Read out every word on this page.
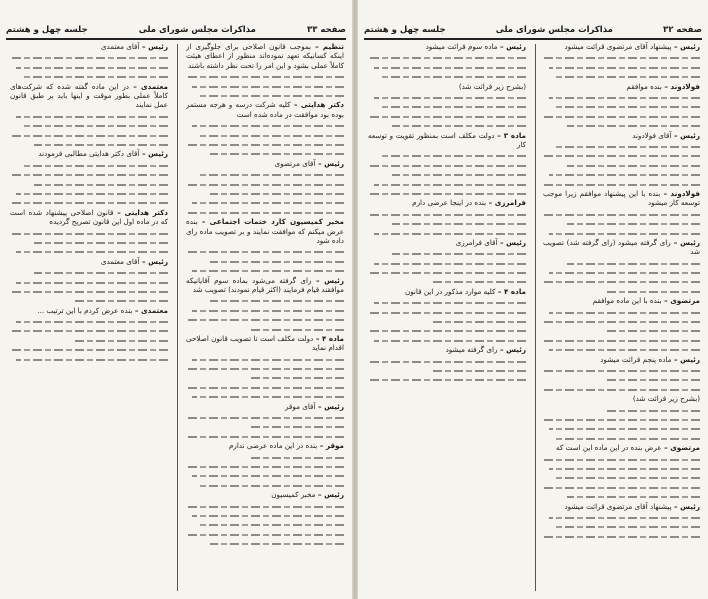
صفحه ۳۳
مذاکرات مجلس شورای ملی
جلسه چهل و هشتم

تنظیم – بموجب قانون اصلاحی برای جلوگیری از اینکه کسانیکه تعهد نموده‌اند منظور از اعطای هیئت کاملاً عملی بشود و این امر را تحت نظر داشته باشند

دکتر هدایتی – کلیه شرکت درسه و هرجه مستمر بوده بود موافقت در ماده شده است

رئیس – آقای مرتضوی

مخبر کمیسیون کارد ختمات اجتماعی – بنده عرض میکنم که موافقت نمایند و بر تصویب ماده رای داده شود

رئیس – رای گرفته می‌شود بماده سوم آقایانیکه موافقند قیام فرمایند (اکثر قیام نمودند) تصویب شد

ماده ۴ – دولت مکلف است تا تصویب قانون اصلاحی اقدام نماید

رئیس – آقای موقر

موقر – بنده در این ماده عرضی ندارم

رئیس – مخبر کمیسیون

رئیس – آقای معتمدی

معتمدی – در این ماده گفته شده که شرکت‌های کاملاً عملی بطور موقت و اینها باید بر طبق قانون عمل نمایند

رئیس – آقای دکتر هدایتی مطالبی فرمودند

دکتر هدایتی – قانون اصلاحی پیشنهاد شده است که در ماده اول این قانون تصریح گردیده

رئیس – آقای معتمدی

معتمدی – بنده عرض کردم با این ترتیب ...

صفحه ۳۲
مذاکرات مجلس شورای ملی
جلسه چهل و هشتم

رئیس – پیشنهاد آقای مرتضوی قرائت میشود

فولادوند – بنده موافقم

رئیس – آقای فولادوند

فولادوند – بنده با این پیشنهاد موافقم زیرا موجب توسعه کار میشود

رئیس – رای گرفته میشود (رای گرفته شد) تصویب شد

مرتضوی – بنده با این ماده موافقم

رئیس – ماده پنجم قرائت میشود

(بشرح زیر قرائت شد)

مرتضوی – عرض بنده در این ماده این است که

رئیس – پیشنهاد آقای مرتضوی قرائت میشود

رئیس – ماده سوم قرائت میشود

(بشرح زیر قرائت شد)

ماده ۳ – دولت مکلف است بمنظور تقویت و توسعه کار

فرامرزی – بنده در اینجا عرضی دارم

رئیس – آقای فرامرزی

ماده ۴ – کلیه موارد مذکور در این قانون

رئیس – رای گرفته میشود
